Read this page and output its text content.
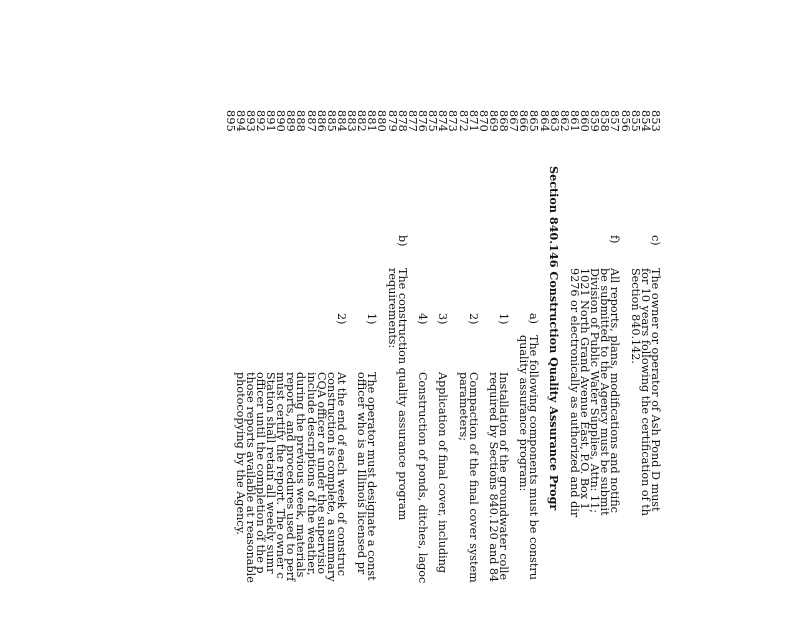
853
c)
The owner or operator of Ash Pond D must
854
for 10 years following the certification of th
855
Section 840.142.
856
857
f)
All reports, plans, modifications and notific
858
be submitted to the Agency must be submit
859
Division of Public Water Supplies, Attn: 11;
860
1021 North Grand Avenue East, P.O. Box 1
861
9276 or electronically as authorized and dir
862
863
Section 840.146 Construction Quality Assurance Progr
864
865
a)
The following components must be constru
866
quality assurance program:
867
868
1)
Installation of the groundwater colle
869
required by Sections 840.120 and 84
870
871
2)
Compaction of the final cover system
872
parameters;
873
874
3)
Application of final cover, including
875
876
4)
Construction of ponds, ditches, lagoc
877
878
b)
The construction quality assurance program
879
requirements:
880
881
1)
The operator must designate a const
882
officer who is an Illinois licensed pr
883
884
2)
At the end of each week of construc
885
construction is complete, a summary
886
CQA officer or under the supervisio
887
include descriptions of the weather,
888
during the previous week, materials
889
reports, and procedures used to perf
890
must certify the report. The owner c
891
Station shall retain all weekly sumr
892
officer until the completion of the p
893
those reports available at reasonable
894
photocopying by the Agency.
895
